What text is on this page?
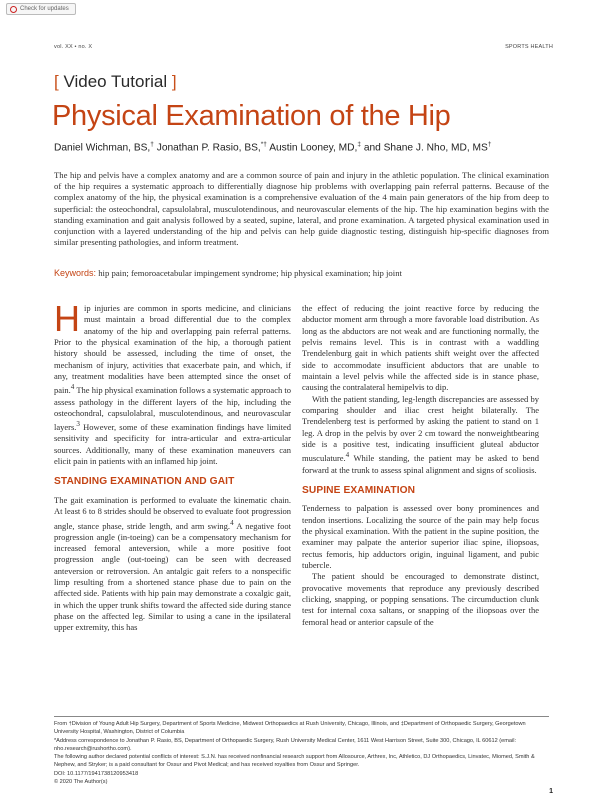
Check for updates
vol. XX • no. X	SPORTS HEALTH
[ Video Tutorial ]
Physical Examination of the Hip
Daniel Wichman, BS,† Jonathan P. Rasio, BS,*† Austin Looney, MD,‡ and Shane J. Nho, MD, MS†
The hip and pelvis have a complex anatomy and are a common source of pain and injury in the athletic population. The clinical examination of the hip requires a systematic approach to differentially diagnose hip problems with overlapping pain referral patterns. Because of the complex anatomy of the hip, the physical examination is a comprehensive evaluation of the 4 main pain generators of the hip from deep to superficial: the osteochondral, capsulolabral, musculotendinous, and neurovascular elements of the hip. The hip examination begins with the standing examination and gait analysis followed by a seated, supine, lateral, and prone examination. A targeted physical examination used in conjunction with a layered understanding of the hip and pelvis can help guide diagnostic testing, distinguish hip-specific diagnoses from similar presenting pathologies, and inform treatment.
Keywords: hip pain; femoroacetabular impingement syndrome; hip physical examination; hip joint

Hip injuries are common in sports medicine, and clinicians must maintain a broad differential due to the complex anatomy of the hip and overlapping pain referral patterns. Prior to the physical examination of the hip, a thorough patient history should be assessed, including the time of onset, the mechanism of injury, activities that exacerbate pain, and which, if any, treatment modalities have been attempted since the onset of pain.$^4$ The hip physical examination follows a systematic approach to assess pathology in the different layers of the hip, including the osteochondral, capsulolabral, musculotendinous, and neurovascular layers.$^3$ However, some of these examination findings have limited sensitivity and specificity for intra-articular and extra-articular sources. Additionally, many of these examination maneuvers can elicit pain in patients with an inflamed hip joint.

STANDING EXAMINATION AND GAIT

The gait examination is performed to evaluate the kinematic chain. At least 6 to 8 strides should be observed to evaluate foot progression angle, stance phase, stride length, and arm swing.$^4$ A negative foot progression angle (in-toeing) can be a compensatory mechanism for increased femoral anteversion, while a more positive foot progression angle (out-toeing) can be seen with decreased anteversion or retroversion. An antalgic gait refers to a nonspecific limp resulting from a shortened stance phase due to pain on the affected side. Patients with hip pain may demonstrate a coxalgic gait, in which the upper trunk shifts toward the affected side during stance phase on the affected leg. Similar to using a cane in the ipsilateral upper extremity, this has

the effect of reducing the joint reactive force by reducing the abductor moment arm through a more favorable load distribution. As long as the abductors are not weak and are functioning normally, the pelvis remains level. This is in contrast with a waddling Trendelenburg gait in which patients shift weight over the affected side to accommodate insufficient abductors that are unable to maintain a level pelvis while the affected side is in stance phase, causing the contralateral hemipelvis to dip.

With the patient standing, leg-length discrepancies are assessed by comparing shoulder and iliac crest height bilaterally. The Trendelenberg test is performed by asking the patient to stand on 1 leg. A drop in the pelvis by over 2 cm toward the nonweightbearing side is a positive test, indicating insufficient gluteal abductor musculature.$^4$ While standing, the patient may be asked to bend forward at the trunk to assess spinal alignment and signs of scoliosis.

SUPINE EXAMINATION

Tenderness to palpation is assessed over bony prominences and tendon insertions. Localizing the source of the pain may help focus the physical examination. With the patient in the supine position, the examiner may palpate the anterior superior iliac spine, iliopsoas, rectus femoris, hip adductors origin, inguinal ligament, and pubic tubercle.

The patient should be encouraged to demonstrate distinct, provocative movements that reproduce any previously described clicking, snapping, or popping sensations. The circumduction clunk test for internal coxa saltans, or snapping of the iliopsoas over the femoral head or anterior capsule of the

From †Division of Young Adult Hip Surgery, Department of Sports Medicine, Midwest Orthopaedics at Rush University, Chicago, Illinois, and ‡Department of Orthopaedic Surgery, Georgetown University Hospital, Washington, District of Columbia
*Address correspondence to Jonathan P. Rasio, BS, Department of Orthopaedic Surgery, Rush University Medical Center, 1611 West Harrison Street, Suite 300, Chicago, IL 60612 (email: nho.research@rushortho.com).
The following author declared potential conflicts of interest: S.J.N. has received nonfinancial research support from Allosource, Arthrex, Inc, Athletico, DJ Orthopaedics, Linvatec, Miomed, Smith & Nephew, and Stryker; is a paid consultant for Ossur and Pivot Medical; and has received royalties from Ossur and Springer.
DOI: 10.1177/1941738120953418
© 2020 The Author(s)
1
